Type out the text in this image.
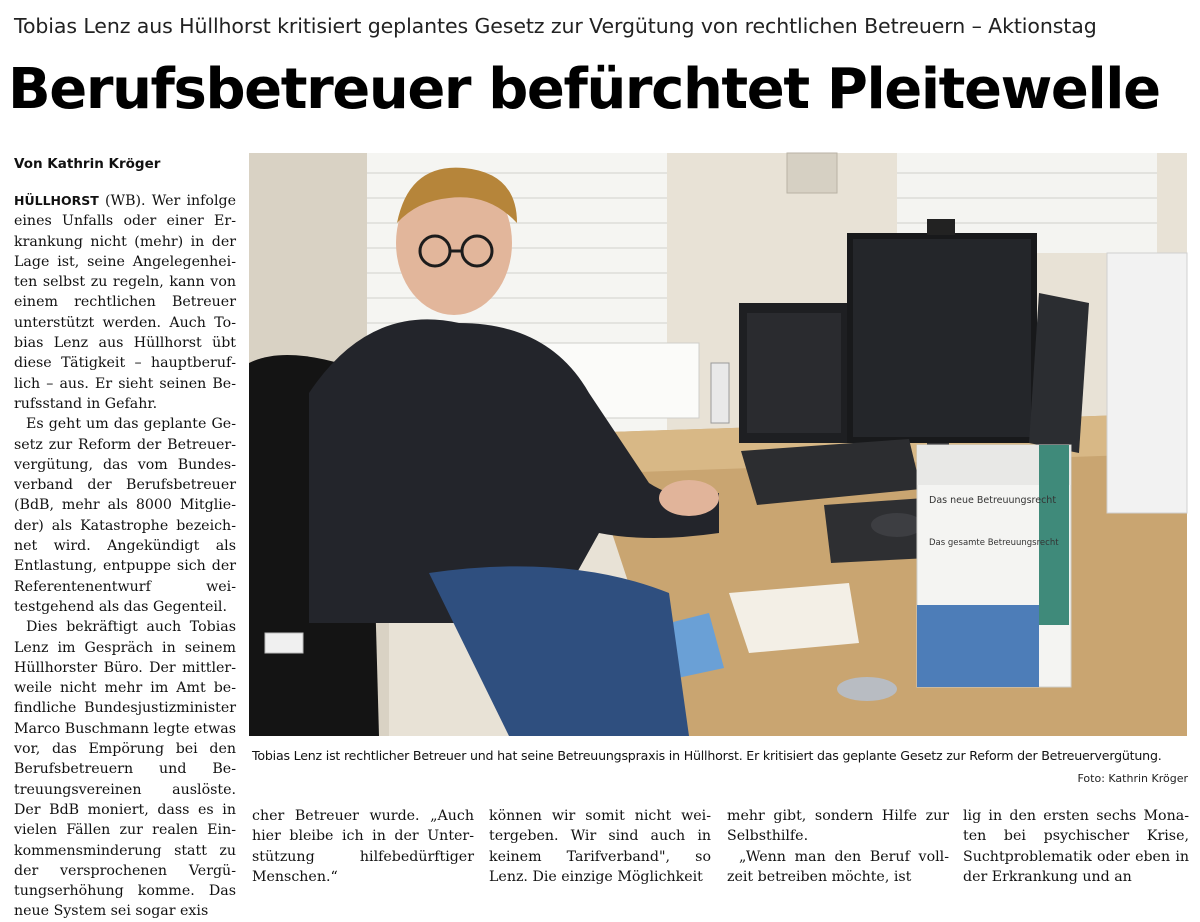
Tobias Lenz aus Hüllhorst kritisiert geplantes Gesetz zur Vergütung von rechtlichen Betreuern – Aktionstag
Berufsbetreuer befürchtet Pleitewelle
Von Kathrin Kröger

HÜLLHORST (WB). Wer infolge eines Unfalls oder einer Erkrankung nicht (mehr) in der Lage ist, seine Angelegenheiten selbst zu regeln, kann von einem rechtlichen Betreuer unterstützt werden. Auch Tobias Lenz aus Hüllhorst übt diese Tätigkeit – hauptberuflich – aus. Er sieht seinen Berufsstand in Gefahr.

Es geht um das geplante Gesetz zur Reform der Betreuervergütung, das vom Bundesverband der Berufsbetreuer (BdB, mehr als 8000 Mitglieder) als Katastrophe bezeichnet wird. Angekündigt als Entlastung, entpuppe sich der Referentenentwurf weitestgehend als das Gegenteil.

Dies bekräftigt auch Tobias Lenz im Gespräch in seinem Hüllhorster Büro. Der mittlerweile nicht mehr im Amt befindliche Bundesjustizminister Marco Buschmann legte etwas vor, das Empörung bei den Berufsbetreuern und Betreuungsvereinen auslöste. Der BdB moniert, dass es in vielen Fällen zur realen Einkommensminderung statt zu der versprochenen Vergütungserhöhung komme. Das neue System sei sogar exis

Das neue Betreuungsrecht
Das gesamte Betreuungsrecht
Tobias Lenz ist rechtlicher Betreuer und hat seine Betreuungspraxis in Hüllhorst. Er kritisiert das geplante Gesetz zur Reform der Betreuervergütung.
Foto: Kathrin Kröger

cher Betreuer wurde. „Auch hier bleibe ich in der Unterstützung hilfebedürftiger Menschen.“

können wir somit nicht weitergeben. Wir sind auch in keinem Tarifverband", so Lenz. Die einzige Möglichkeit

mehr gibt, sondern Hilfe zur Selbsthilfe.

„Wenn man den Beruf vollzeit betreiben möchte, ist

lig in den ersten sechs Monaten bei psychischer Krise, Suchtproblematik oder eben in der Erkrankung und an
